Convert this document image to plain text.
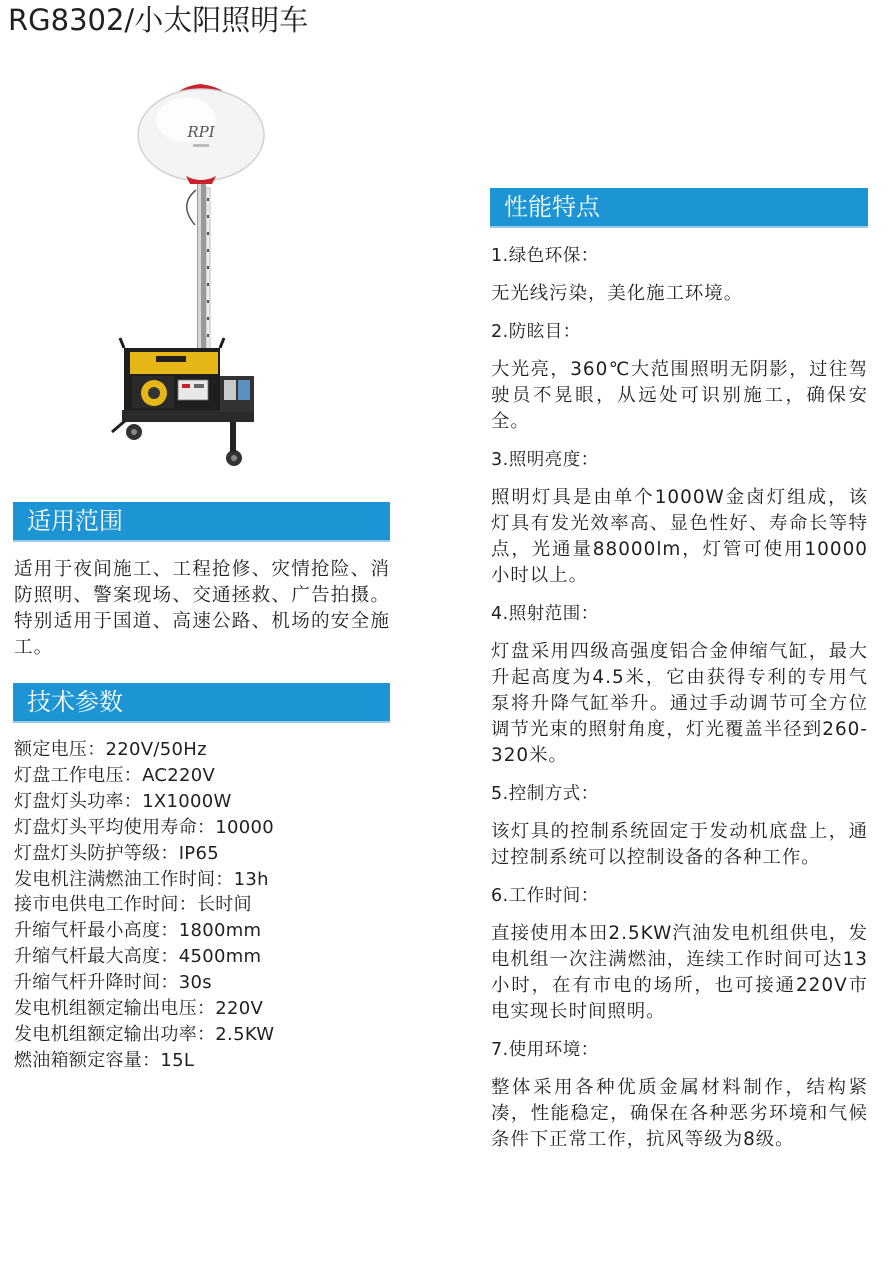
RG8302/小太阳照明车
RPI
性能特点
1.绿色环保：
无光线污染，美化施工环境。
2.防眩目：
大光亮，360℃大范围照明无阴影，过往驾驶员不晃眼，从远处可识别施工，确保安全。
3.照明亮度：
照明灯具是由单个1000W金卤灯组成，该灯具有发光效率高、显色性好、寿命长等特点，光通量88000lm，灯管可使用10000小时以上。
4.照射范围：
灯盘采用四级高强度铝合金伸缩气缸，最大升起高度为4.5米，它由获得专利的专用气泵将升降气缸举升。通过手动调节可全方位调节光束的照射角度，灯光覆盖半径到260-320米。
5.控制方式：
该灯具的控制系统固定于发动机底盘上，通过控制系统可以控制设备的各种工作。
6.工作时间：
直接使用本田2.5KW汽油发电机组供电，发电机组一次注满燃油，连续工作时间可达13小时，在有市电的场所，也可接通220V市电实现长时间照明。
7.使用环境：
整体采用各种优质金属材料制作，结构紧凑，性能稳定，确保在各种恶劣环境和气候条件下正常工作，抗风等级为8级。
适用范围
适用于夜间施工、工程抢修、灾情抢险、消防照明、警案现场、交通拯救、广告拍摄。特别适用于国道、高速公路、机场的安全施工。
技术参数
额定电压：220V/50Hz
灯盘工作电压：AC220V
灯盘灯头功率：1X1000W
灯盘灯头平均使用寿命：10000
灯盘灯头防护等级：IP65
发电机注满燃油工作时间：13h
接市电供电工作时间：长时间
升缩气杆最小高度：1800mm
升缩气杆最大高度：4500mm
升缩气杆升降时间：30s
发电机组额定输出电压：220V
发电机组额定输出功率：2.5KW
燃油箱额定容量：15L
